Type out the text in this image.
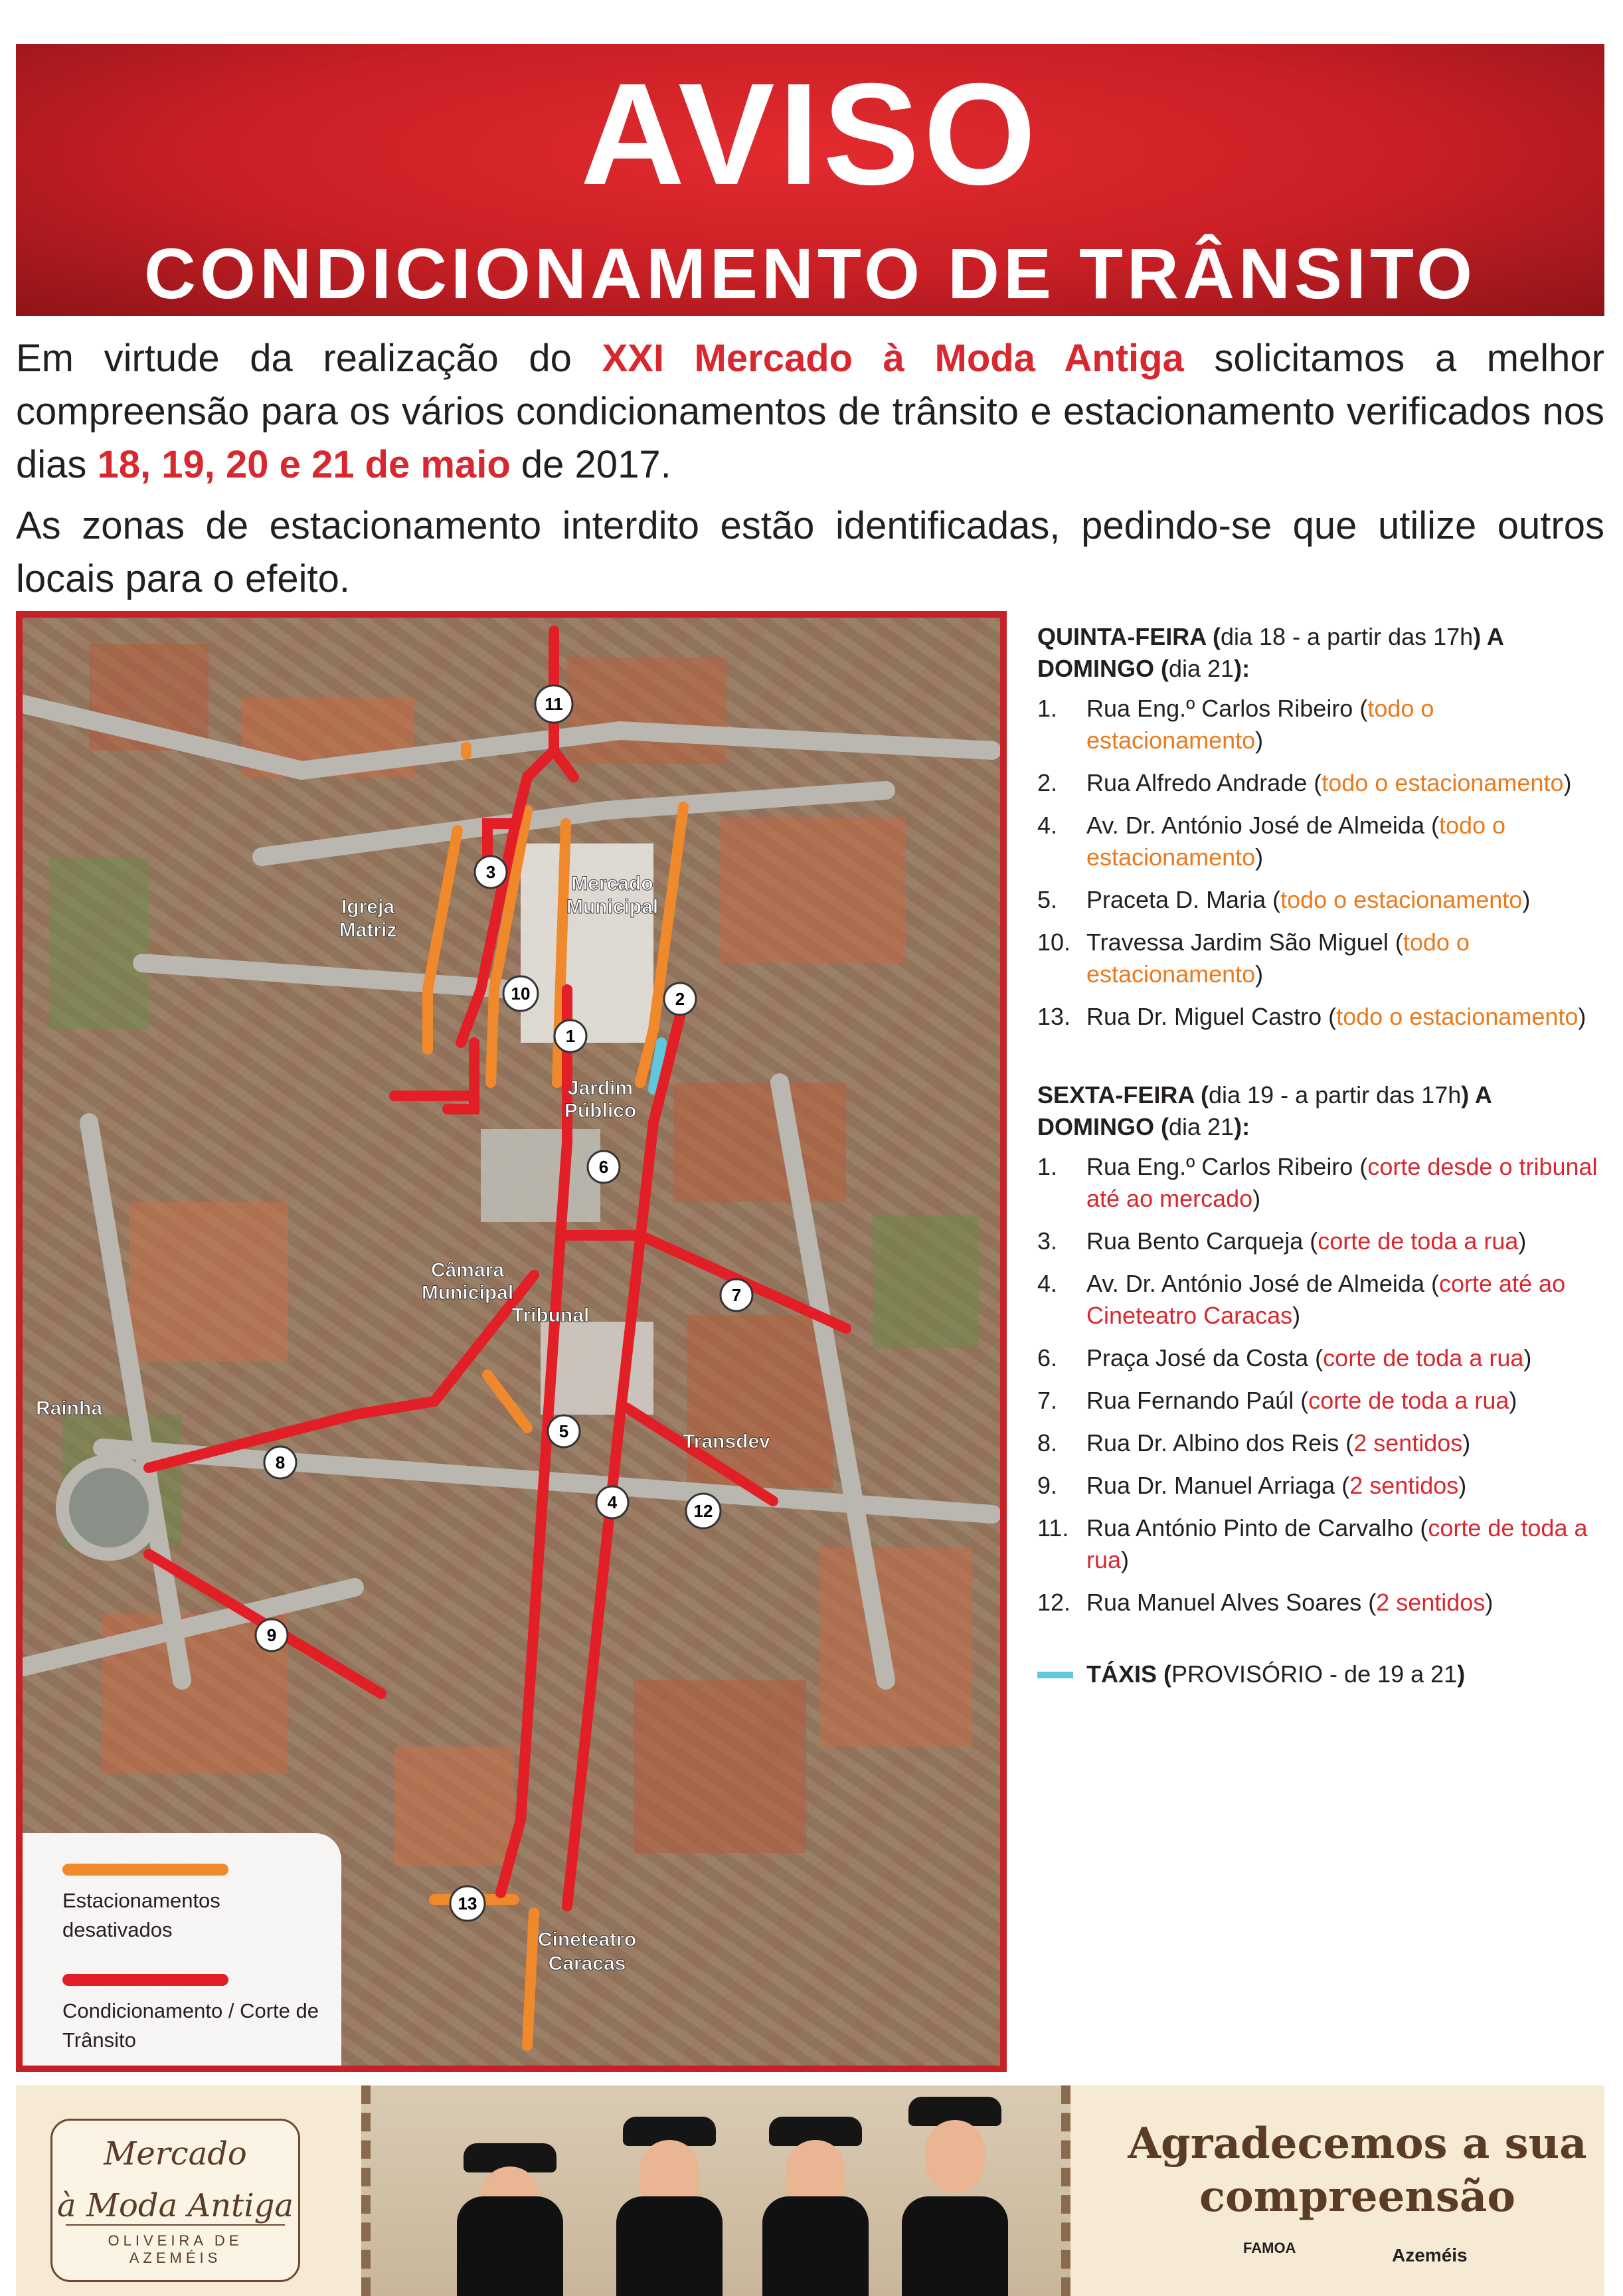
AVISO
CONDICIONAMENTO DE TRÂNSITO

Em virtude da realização do XXI Mercado à Moda Antiga solicitamos a melhor compreensão para os vários condicionamentos de trânsito e estacionamento verificados nos dias 18, 19, 20 e 21 de maio de 2017.

As zonas de estacionamento interdito estão identificadas, pedindo-se que utilize outros locais para o efeito.

Igreja
Matriz
Mercado
Municipal
Jardim
Público
Câmara
Municipal
Tribunal
Rainha
Transdev
Cineteatro
Caracas
11
3
10
1
2
6
7
5
8
4	12
9
13
Estacionamentos desativados
Condicionamento / Corte de Trânsito
QUINTA-FEIRA (dia 18 - a partir das 17h) A DOMINGO (dia 21):
1. Rua Eng.º Carlos Ribeiro (todo o estacionamento)
2. Rua Alfredo Andrade (todo o estacionamento)
4. Av. Dr. António José de Almeida (todo o estacionamento)
5. Praceta D. Maria (todo o estacionamento)
10. Travessa Jardim São Miguel (todo o estacionamento)
13. Rua Dr. Miguel Castro (todo o estacionamento)
SEXTA-FEIRA (dia 19 - a partir das 17h) A DOMINGO (dia 21):
1. Rua Eng.º Carlos Ribeiro (corte desde o tribunal até ao mercado)
3. Rua Bento Carqueja (corte de toda a rua)
4. Av. Dr. António José de Almeida (corte até ao Cineteatro Caracas)
6. Praça José da Costa (corte de toda a rua)
7. Rua Fernando Paúl (corte de toda a rua)
8. Rua Dr. Albino dos Reis (2 sentidos)
9. Rua Dr. Manuel Arriaga (2 sentidos)
11. Rua António Pinto de Carvalho (corte de toda a rua)
12. Rua Manuel Alves Soares (2 sentidos)
TÁXIS (PROVISÓRIO - de 19 a 21)
Mercado
à Moda Antiga
OLIVEIRA DE AZEMÉIS
Agradecemos a sua compreensão
FAMOA	Azeméis
